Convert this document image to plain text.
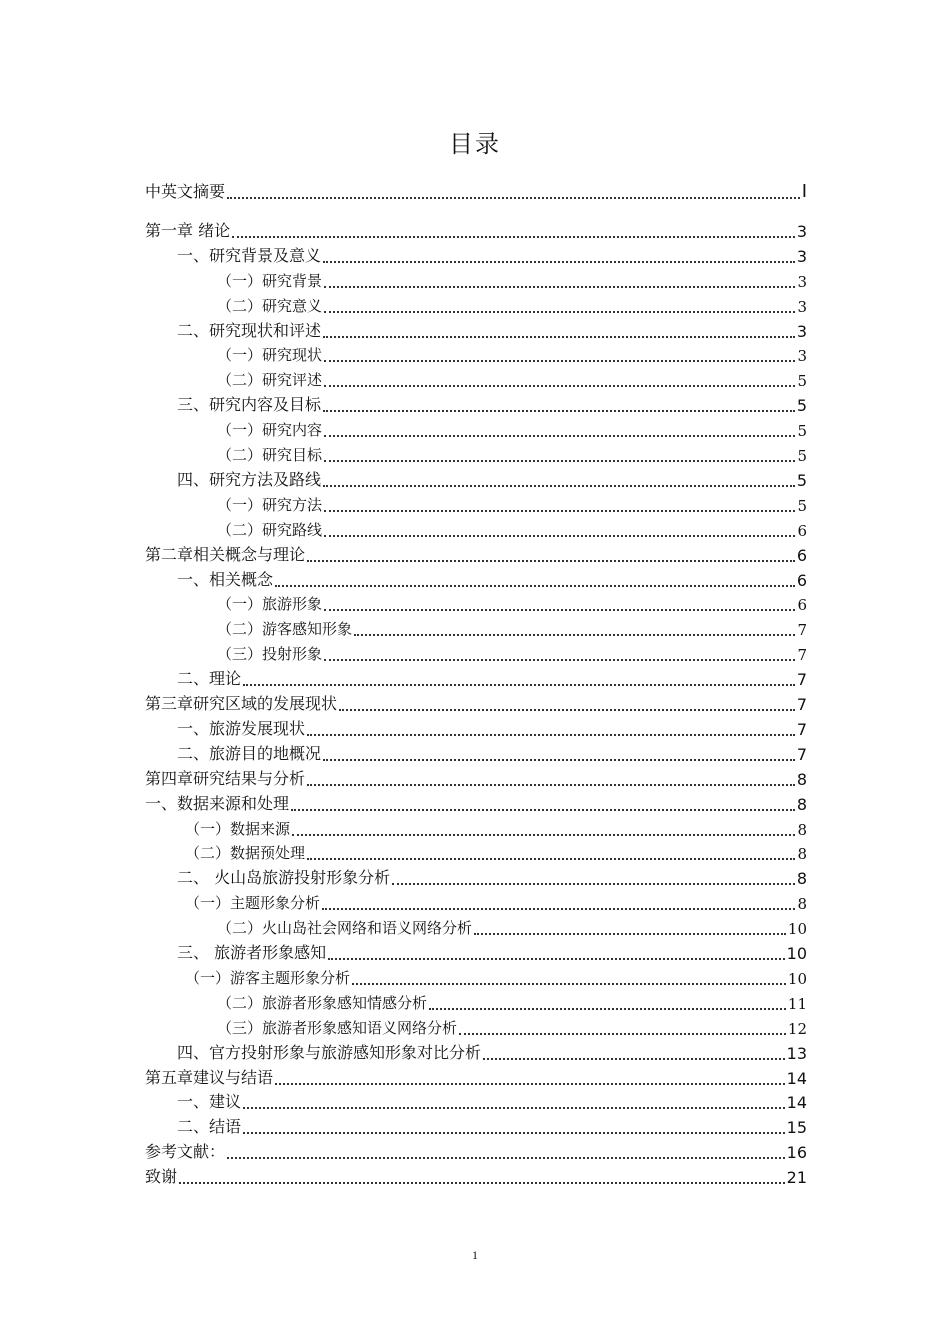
目录
中英文摘要	I
第一章 绪论	3
一、研究背景及意义	3
（一）研究背景	3
（二）研究意义	3
二、研究现状和评述	3
（一）研究现状	3
（二）研究评述	5
三、研究内容及目标	5
（一）研究内容	5
（二）研究目标	5
四、研究方法及路线	5
（一）研究方法	5
（二）研究路线	6
第二章相关概念与理论	6
一、相关概念	6
（一）旅游形象	6
（二）游客感知形象	7
（三）投射形象	7
二、理论	7
第三章研究区域的发展现状	7
一、旅游发展现状	7
二、旅游目的地概况	7
第四章研究结果与分析	8
一、数据来源和处理	8
（一）数据来源	8
（二）数据预处理	8
二、 火山岛旅游投射形象分析	8
（一）主题形象分析	8
（二）火山岛社会网络和语义网络分析	10
三、 旅游者形象感知	10
（一）游客主题形象分析	10
（二）旅游者形象感知情感分析	11
（三）旅游者形象感知语义网络分析	12
四、官方投射形象与旅游感知形象对比分析	13
第五章建议与结语	14
一、建议	14
二、结语	15
参考文献：	16
致谢	21
1
